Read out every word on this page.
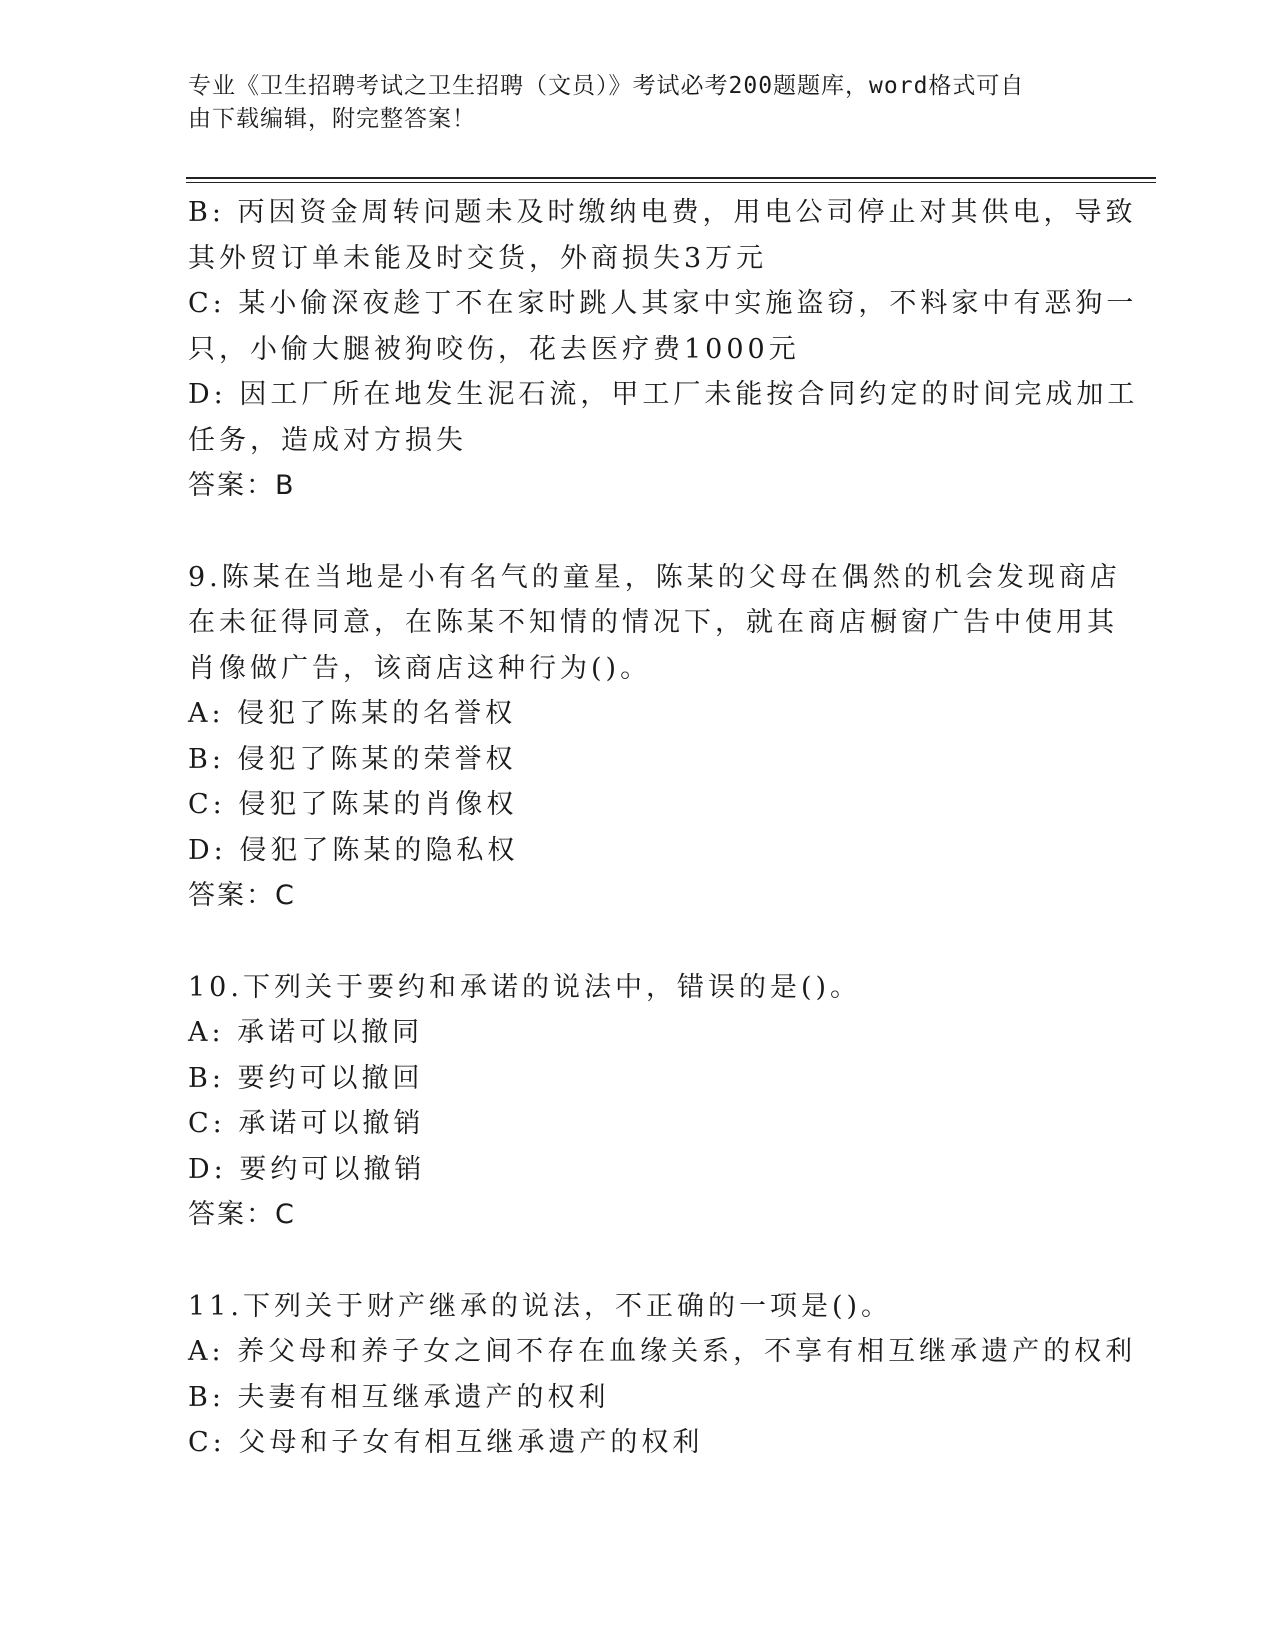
专业《卫生招聘考试之卫生招聘（文员）》考试必考200题题库，word格式可自
由下载编辑，附完整答案！
B: 丙因资金周转问题未及时缴纳电费，用电公司停止对其供电，导致
其外贸订单未能及时交货，外商损失3万元
C: 某小偷深夜趁丁不在家时跳人其家中实施盗窃，不料家中有恶狗一
只，小偷大腿被狗咬伤，花去医疗费1000元
D: 因工厂所在地发生泥石流，甲工厂未能按合同约定的时间完成加工
任务，造成对方损失
答案：B
9.陈某在当地是小有名气的童星，陈某的父母在偶然的机会发现商店
在未征得同意，在陈某不知情的情况下，就在商店橱窗广告中使用其
肖像做广告，该商店这种行为()。
A: 侵犯了陈某的名誉权
B: 侵犯了陈某的荣誉权
C: 侵犯了陈某的肖像权
D: 侵犯了陈某的隐私权
答案：C
10.下列关于要约和承诺的说法中，错误的是()。
A: 承诺可以撤同
B: 要约可以撤回
C: 承诺可以撤销
D: 要约可以撤销
答案：C
11.下列关于财产继承的说法，不正确的一项是()。
A: 养父母和养子女之间不存在血缘关系，不享有相互继承遗产的权利
B: 夫妻有相互继承遗产的权利
C: 父母和子女有相互继承遗产的权利
